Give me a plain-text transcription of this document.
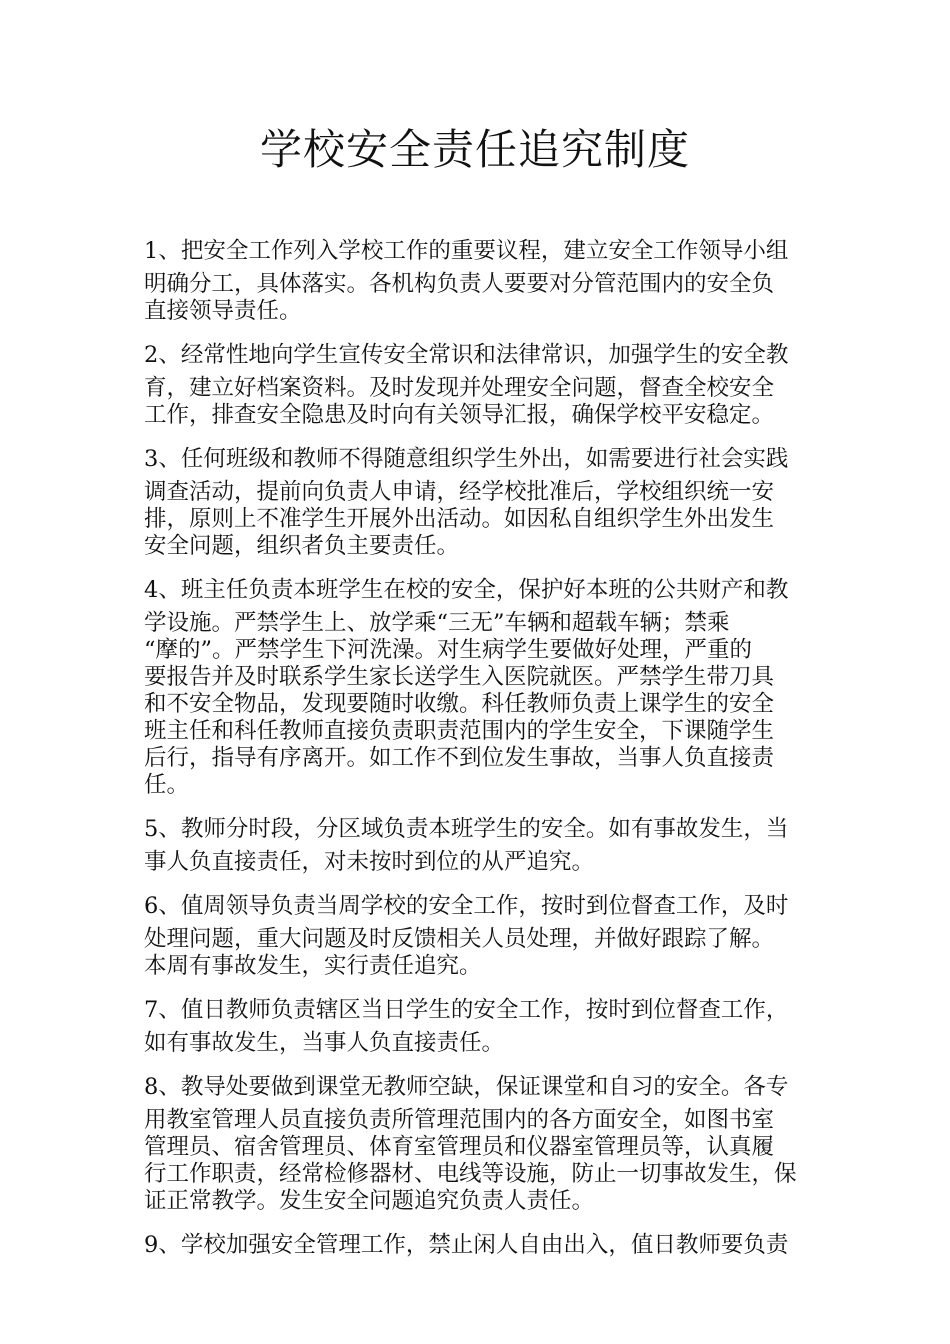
学校安全责任追究制度

1、把安全工作列入学校工作的重要议程，建立安全工作领导小组
明确分工，具体落实。各机构负责人要要对分管范围内的安全负
直接领导责任。

2、经常性地向学生宣传安全常识和法律常识，加强学生的安全教
育，建立好档案资料。及时发现并处理安全问题，督查全校安全
工作，排查安全隐患及时向有关领导汇报，确保学校平安稳定。

3、任何班级和教师不得随意组织学生外出，如需要进行社会实践
调查活动，提前向负责人申请，经学校批准后，学校组织统一安
排，原则上不准学生开展外出活动。如因私自组织学生外出发生
安全问题，组织者负主要责任。

4、班主任负责本班学生在校的安全，保护好本班的公共财产和教
学设施。严禁学生上、放学乘“三无”车辆和超载车辆；禁乘
“摩的”。严禁学生下河洗澡。对生病学生要做好处理，严重的
要报告并及时联系学生家长送学生入医院就医。严禁学生带刀具
和不安全物品，发现要随时收缴。科任教师负责上课学生的安全
班主任和科任教师直接负责职责范围内的学生安全，下课随学生
后行，指导有序离开。如工作不到位发生事故，当事人负直接责
任。

5、教师分时段，分区域负责本班学生的安全。如有事故发生，当
事人负直接责任，对未按时到位的从严追究。

6、值周领导负责当周学校的安全工作，按时到位督查工作，及时
处理问题，重大问题及时反馈相关人员处理，并做好跟踪了解。
本周有事故发生，实行责任追究。

7、值日教师负责辖区当日学生的安全工作，按时到位督查工作，
如有事故发生，当事人负直接责任。

8、教导处要做到课堂无教师空缺，保证课堂和自习的安全。各专
用教室管理人员直接负责所管理范围内的各方面安全，如图书室
管理员、宿舍管理员、体育室管理员和仪器室管理员等，认真履
行工作职责，经常检修器材、电线等设施，防止一切事故发生，保
证正常教学。发生安全问题追究负责人责任。

9、学校加强安全管理工作，禁止闲人自由出入，值日教师要负责
